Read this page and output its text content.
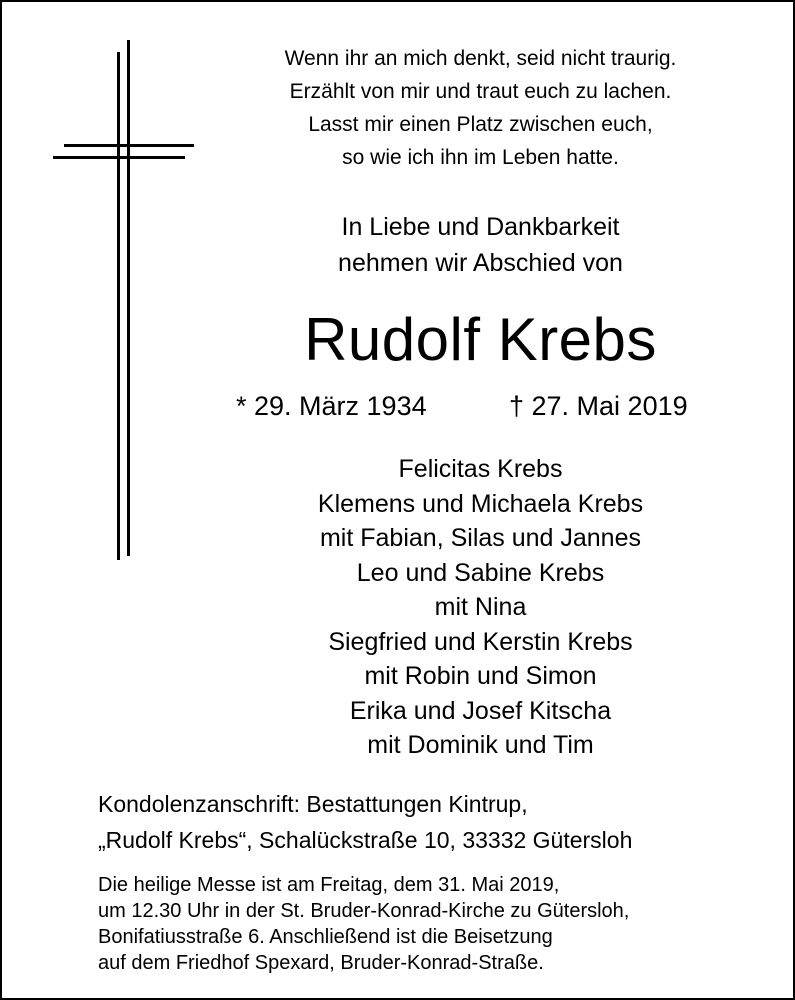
Wenn ihr an mich denkt, seid nicht traurig.
Erzählt von mir und traut euch zu lachen.
Lasst mir einen Platz zwischen euch,
so wie ich ihn im Leben hatte.
In Liebe und Dankbarkeit
nehmen wir Abschied von
Rudolf Krebs
* 29. März 1934	† 27. Mai 2019
Felicitas Krebs
Klemens und Michaela Krebs
mit Fabian, Silas und Jannes
Leo und Sabine Krebs
mit Nina
Siegfried und Kerstin Krebs
mit Robin und Simon
Erika und Josef Kitscha
mit Dominik und Tim
Kondolenzanschrift: Bestattungen Kintrup,
„Rudolf Krebs“, Schalückstraße 10, 33332 Gütersloh
Die heilige Messe ist am Freitag, dem 31. Mai 2019,
um 12.30 Uhr in der St. Bruder-Konrad-Kirche zu Gütersloh,
Bonifatiusstraße 6. Anschließend ist die Beisetzung
auf dem Friedhof Spexard, Bruder-Konrad-Straße.
